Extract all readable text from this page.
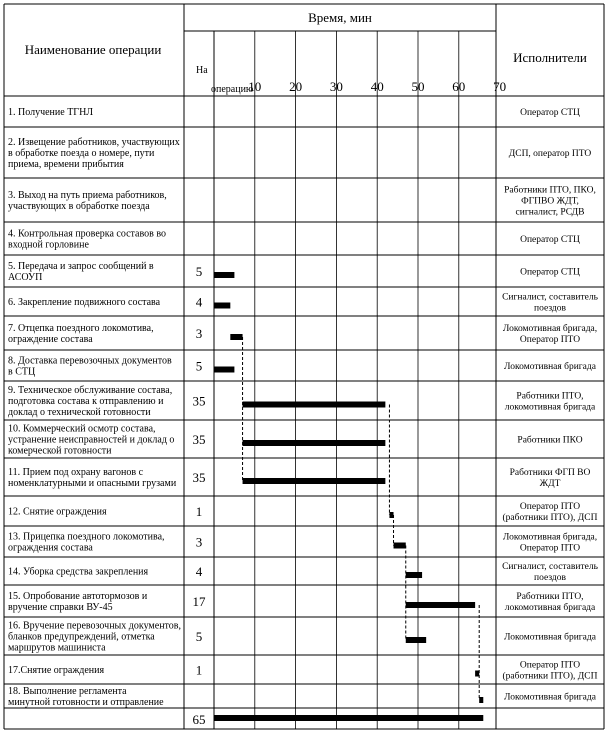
Наименование операции
Время, мин
На
операцию
Исполнители
10 20 30 40 50 60 70
1. Получение ТГНЛ	Оператор СТЦ
2. Извещение работников, участвующих
в обработке поезда о номере, пути
приема, времени прибытия
ДСП, оператор ПТО
3. Выход на путь приема работников,
участвующих в обработке поезда
Работники ПТО, ПКО,
ФГПВО ЖДТ,
сигналист, РСДВ
4. Контрольная проверка составов во
входной горловине	Оператор СТЦ
5. Передача и запрос сообщений в
АСОУП	5	Оператор СТЦ
6. Закрепление подвижного состава	4	Сигналист, составитель
поездов
7. Отцепка поездного локомотива,
ограждение состава	3	Локомотивная бригада,
Оператор ПТО
8. Доставка перевозочных документов
в СТЦ	5	Локомотивная бригада
9. Техническое обслуживание состава,
подготовка состава к отправлению и
доклад о технической готовности
35	Работники ПТО,
локомотивная бригада
10. Коммерческий осмотр состава,
устранение неисправностей и доклад о
комерческой готовности
35	Работники ПКО
11. Прием под охрану вагонов с
номенклатурными и опасными грузами 35	Работники ФГП ВО
ЖДТ
12. Снятие ограждения	1	Оператор ПТО
(работники ПТО), ДСП
13. Прицепка поездного локомотива,
ограждения состава	3	Локомотивная бригада,
Оператор ПТО
14. Уборка средства закрепления	4	Сигналист, составитель
поездов
15. Опробование автотормозов и
вручение справки ВУ-45	17	Работники ПТО,
локомотивная бригада
16. Вручение перевозочных документов,
бланков предупреждений, отметка
маршрутов машиниста
5	Локомотивная бригада
17.Снятие ограждения	1	Оператор ПТО
(работники ПТО), ДСП
18. Выполнение регламента
минутной готовности и отправление	Локомотивная бригада
65
